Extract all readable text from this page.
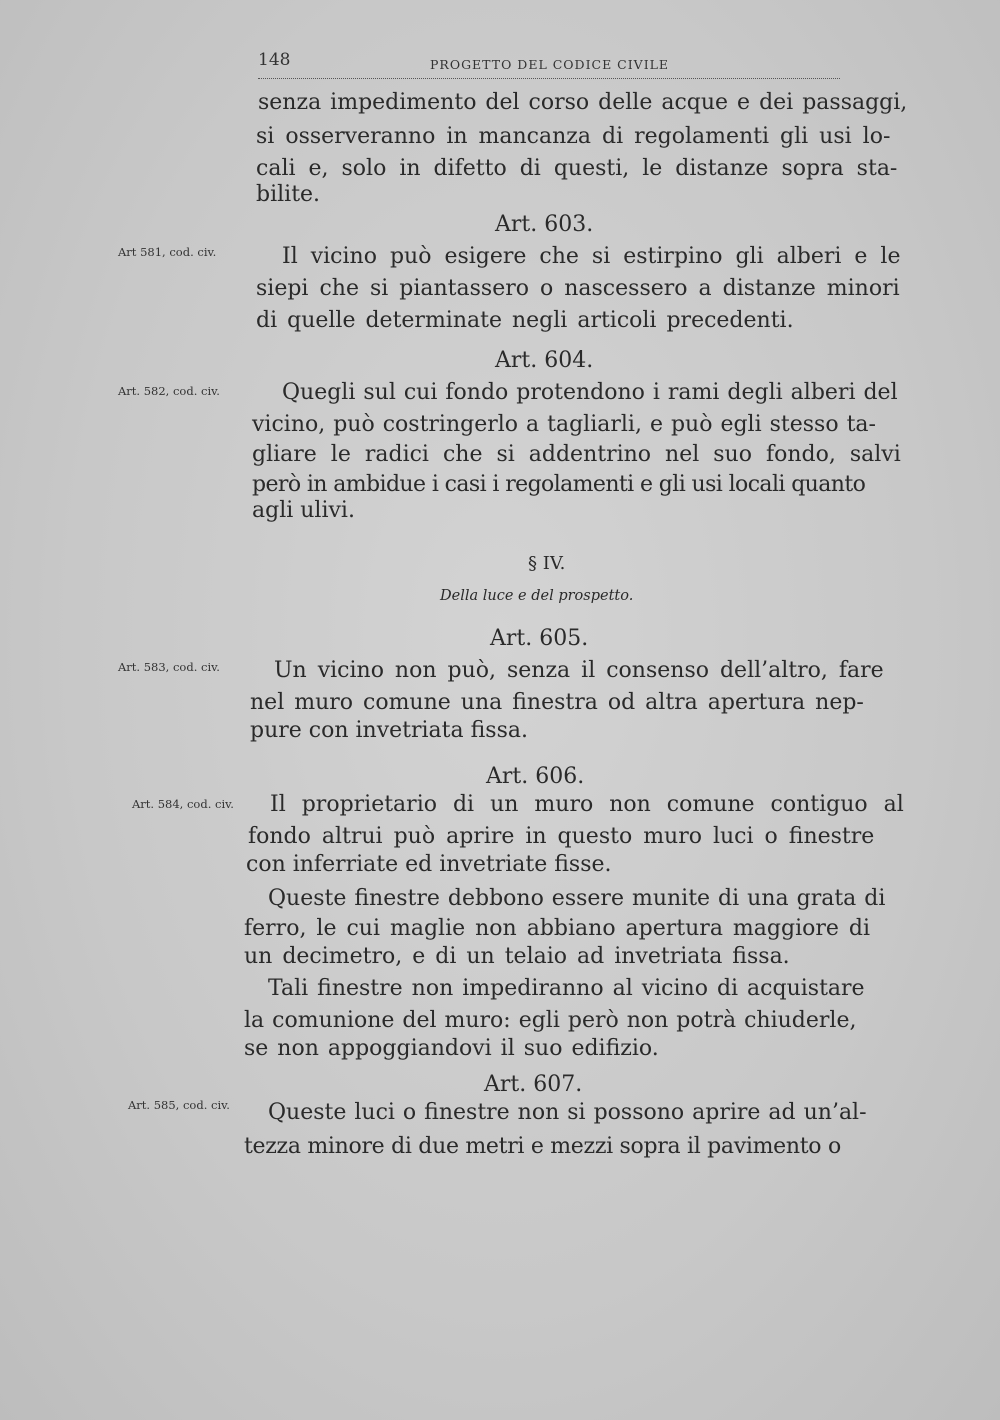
148	PROGETTO DEL CODICE CIVILE
senza impedimento del corso delle acque e dei passaggi,
si osserveranno in mancanza di regolamenti gli usi lo-
cali e, solo in difetto di questi, le distanze sopra sta-
bilite.
Art. 603.
Art 581, cod. civ.	Il vicino può esigere che si estirpino gli alberi e le
siepi che si piantassero o nascessero a distanze minori
di quelle determinate negli articoli precedenti.
Art. 604.
Art. 582, cod. civ.	Quegli sul cui fondo protendono i rami degli alberi del
vicino, può costringerlo a tagliarli, e può egli stesso ta-
gliare le radici che si addentrino nel suo fondo, salvi
però in ambidue i casi i regolamenti e gli usi locali quanto
agli ulivi.
§ IV.
Della luce e del prospetto.
Art. 605.
Art. 583, cod. civ. Un vicino non può, senza il consenso dell’altro, fare
nel muro comune una finestra od altra apertura nep-
pure con invetriata fissa.
Art. 606.
Art. 584, cod. civ. Il proprietario di un muro non comune contiguo al
fondo altrui può aprire in questo muro luci o finestre
con inferriate ed invetriate fisse.
Queste finestre debbono essere munite di una grata di
ferro, le cui maglie non abbiano apertura maggiore di
un decimetro, e di un telaio ad invetriata fissa.
Tali finestre non impediranno al vicino di acquistare
la comunione del muro: egli però non potrà chiuderle,
se non appoggiandovi il suo edifizio.
Art. 607.
Art. 585, cod. civ. Queste luci o finestre non si possono aprire ad un’al-
tezza minore di due metri e mezzi sopra il pavimento o
